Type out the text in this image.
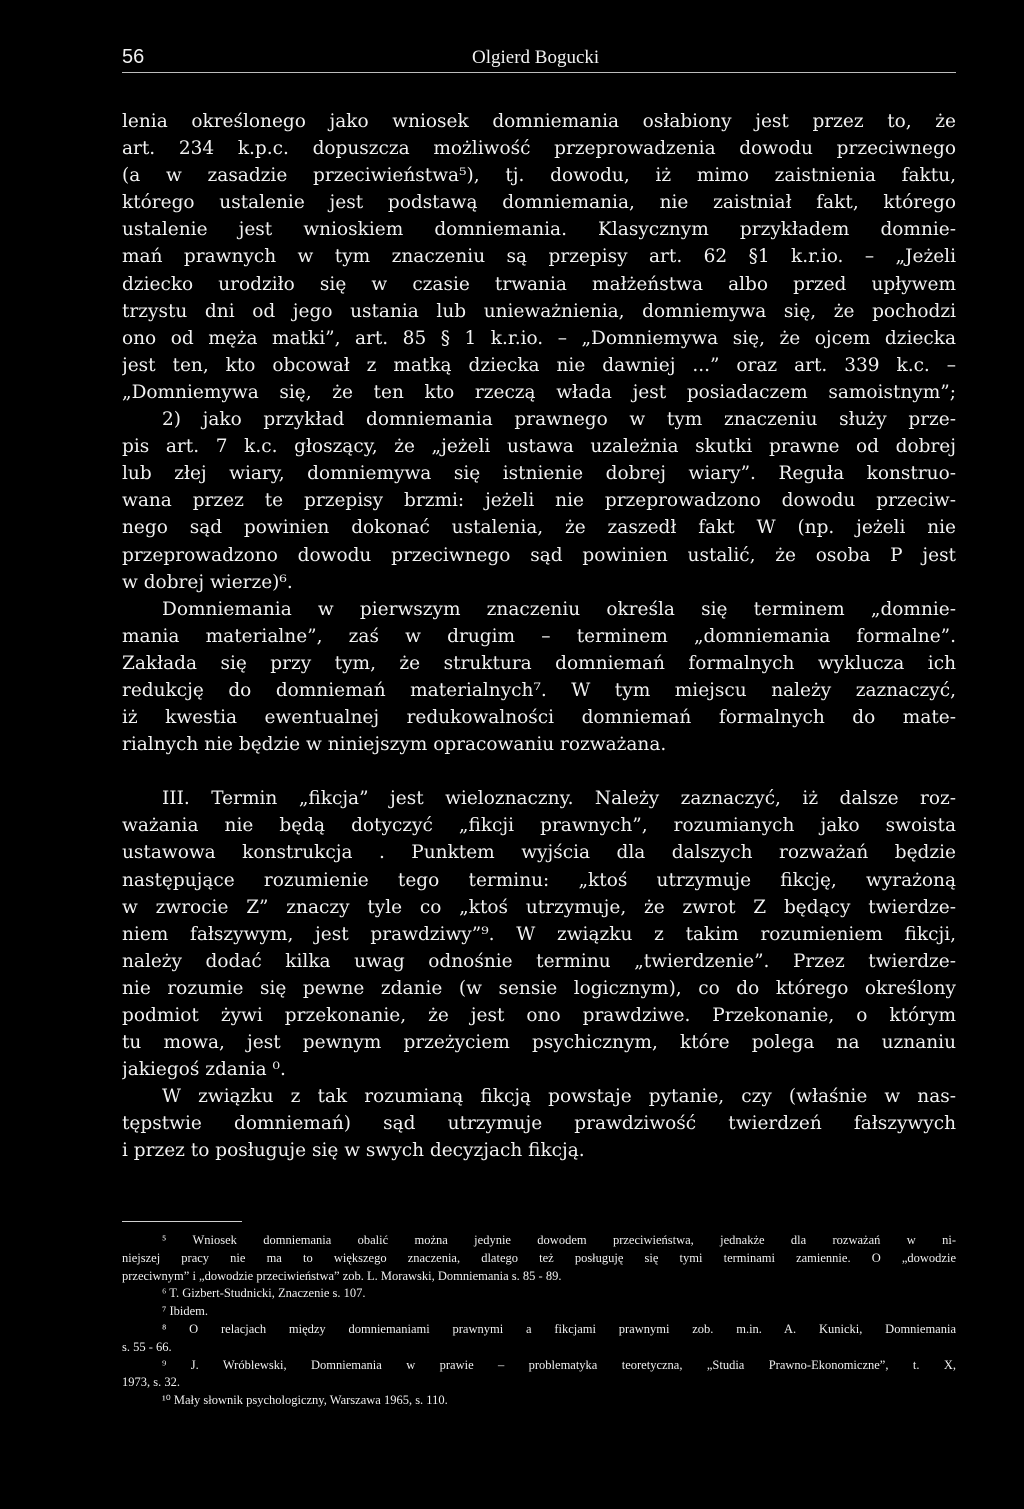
56	Olgierd Bogucki
lenia określonego jako wniosek domniemania osłabiony jest przez to, że
art. 234 k.p.c. dopuszcza możliwość przeprowadzenia dowodu przeciwnego
(a w zasadzie przeciwieństwa⁵), tj. dowodu, iż mimo zaistnienia faktu,
którego ustalenie jest podstawą domniemania, nie zaistniał fakt, którego
ustalenie jest wnioskiem domniemania. Klasycznym przykładem domnie-
mań prawnych w tym znaczeniu są przepisy art. 62 §1 k.r.io. – „Jeżeli
dziecko urodziło się w czasie trwania małżeństwa albo przed upływem
trzystu dni od jego ustania lub unieważnienia, domniemywa się, że pochodzi
ono od męża matki”, art. 85 § 1 k.r.io. – „Domniemywa się, że ojcem dziecka
jest ten, kto obcował z matką dziecka nie dawniej ...” oraz art. 339 k.c. –
„Domniemywa się, że ten kto rzeczą włada jest posiadaczem samoistnym”;
2) jako przykład domniemania prawnego w tym znaczeniu służy prze-
pis art. 7 k.c. głoszący, że „jeżeli ustawa uzależnia skutki prawne od dobrej
lub złej wiary, domniemywa się istnienie dobrej wiary”. Reguła konstruo-
wana przez te przepisy brzmi: jeżeli nie przeprowadzono dowodu przeciw-
nego sąd powinien dokonać ustalenia, że zaszedł fakt W (np. jeżeli nie
przeprowadzono dowodu przeciwnego sąd powinien ustalić, że osoba P jest
w dobrej wierze)⁶.
Domniemania w pierwszym znaczeniu określa się terminem „domnie-
mania materialne”, zaś w drugim – terminem „domniemania formalne”.
Zakłada się przy tym, że struktura domniemań formalnych wyklucza ich
redukcję do domniemań materialnych⁷. W tym miejscu należy zaznaczyć,
iż kwestia ewentualnej redukowalności domniemań formalnych do mate-
rialnych nie będzie w niniejszym opracowaniu rozważana.
III. Termin „fikcja” jest wieloznaczny. Należy zaznaczyć, iż dalsze roz-
ważania nie będą dotyczyć „fikcji prawnych”, rozumianych jako swoista
ustawowa konstrukcja . Punktem wyjścia dla dalszych rozważań będzie
następujące rozumienie tego terminu: „ktoś utrzymuje fikcję, wyrażoną
w zwrocie Z” znaczy tyle co „ktoś utrzymuje, że zwrot Z będący twierdze-
niem fałszywym, jest prawdziwy”⁹. W związku z takim rozumieniem fikcji,
należy dodać kilka uwag odnośnie terminu „twierdzenie”. Przez twierdze-
nie rozumie się pewne zdanie (w sensie logicznym), co do którego określony
podmiot żywi przekonanie, że jest ono prawdziwe. Przekonanie, o którym
tu mowa, jest pewnym przeżyciem psychicznym, które polega na uznaniu
jakiegoś zdania ⁰.
W związku z tak rozumianą fikcją powstaje pytanie, czy (właśnie w nas-
tępstwie domniemań) sąd utrzymuje prawdziwość twierdzeń fałszywych
i przez to posługuje się w swych decyzjach fikcją.
⁵ Wniosek domniemania obalić można jedynie dowodem przeciwieństwa, jednakże dla rozważań w ni-
niejszej pracy nie ma to większego znaczenia, dlatego też posługuję się tymi terminami zamiennie. O „dowodzie
przeciwnym” i „dowodzie przeciwieństwa” zob. L. Morawski, Domniemania s. 85 - 89.
⁶ T. Gizbert-Studnicki, Znaczenie s. 107.
⁷ Ibidem.
⁸ O relacjach między domniemaniami prawnymi a fikcjami prawnymi zob. m.in. A. Kunicki, Domniemania
s. 55 - 66.
⁹ J. Wróblewski, Domniemania w prawie – problematyka teoretyczna, „Studia Prawno-Ekonomiczne”, t. X,
1973, s. 32.
¹⁰ Mały słownik psychologiczny, Warszawa 1965, s. 110.
